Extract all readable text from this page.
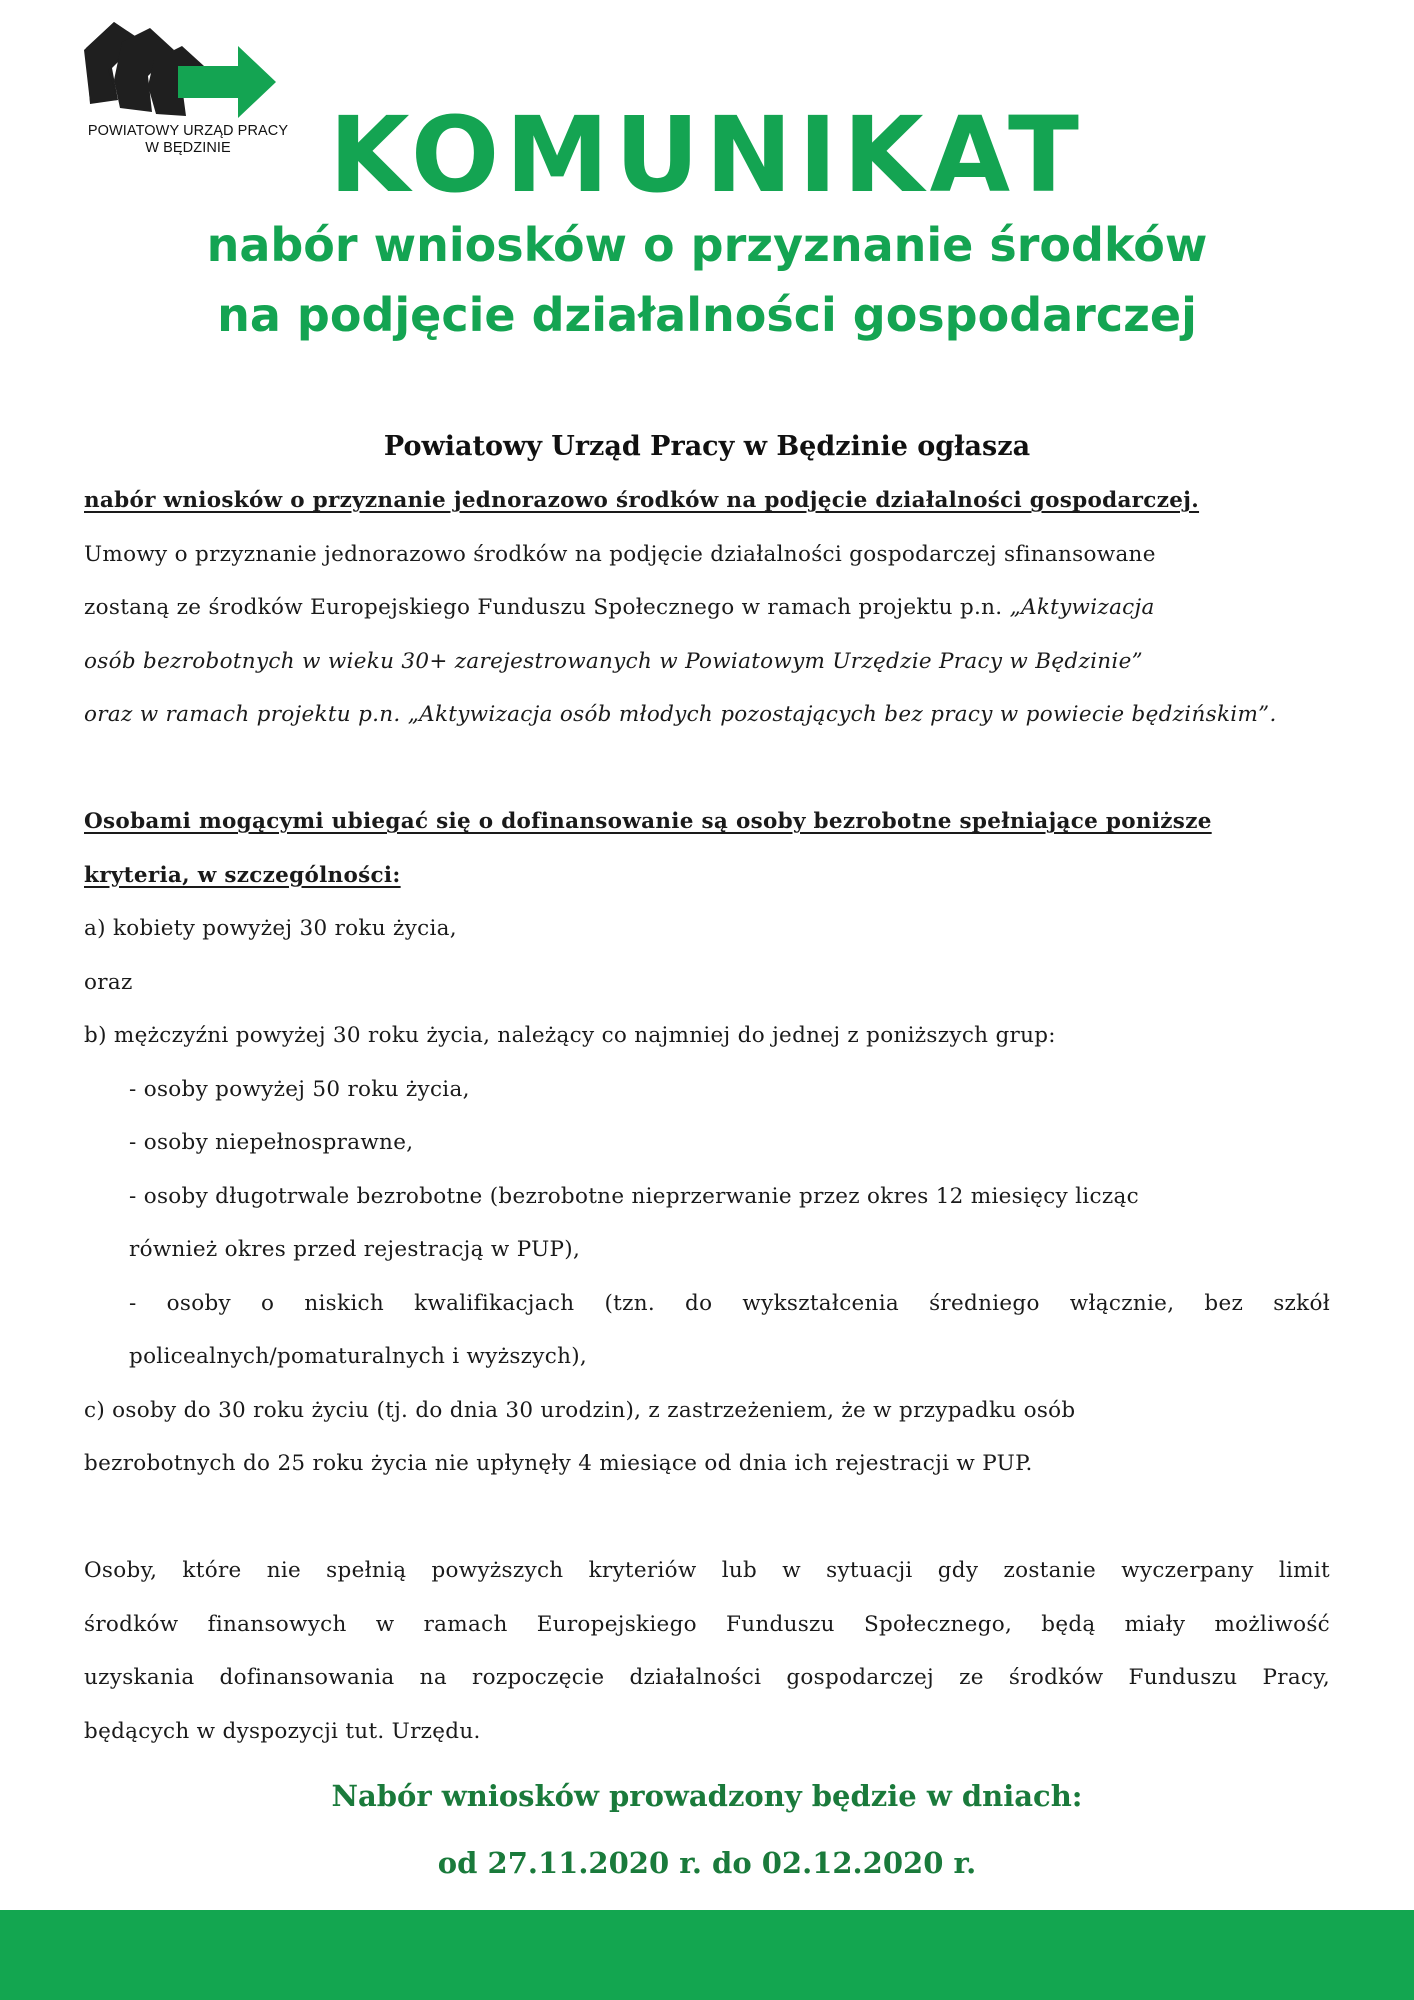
POWIATOWY URZĄD PRACY
W BĘDZINIE KOMUNIKAT
nabór wniosków o przyznanie środków
na podjęcie działalności gospodarczej

Powiatowy Urząd Pracy w Będzinie ogłasza

nabór wniosków o przyznanie jednorazowo środków na podjęcie działalności gospodarczej.

Umowy o przyznanie jednorazowo środków na podjęcie działalności gospodarczej sfinansowane

zostaną ze środków Europejskiego Funduszu Społecznego w ramach projektu p.n. „Aktywizacja

osób bezrobotnych w wieku 30+ zarejestrowanych w Powiatowym Urzędzie Pracy w Będzinie”

oraz w ramach projektu p.n. „Aktywizacja osób młodych pozostających bez pracy w powiecie będzińskim”.

Osobami mogącymi ubiegać się o dofinansowanie są osoby bezrobotne spełniające poniższe

kryteria, w szczególności:

a) kobiety powyżej 30 roku życia,

oraz

b) mężczyźni powyżej 30 roku życia, należący co najmniej do jednej z poniższych grup:

- osoby powyżej 50 roku życia,

- osoby niepełnosprawne,

- osoby długotrwale bezrobotne (bezrobotne nieprzerwanie przez okres 12 miesięcy licząc

również okres przed rejestracją w PUP),

- osoby o niskich kwalifikacjach (tzn. do wykształcenia średniego włącznie, bez szkół

policealnych/pomaturalnych i wyższych),

c) osoby do 30 roku życiu (tj. do dnia 30 urodzin), z zastrzeżeniem, że w przypadku osób

bezrobotnych do 25 roku życia nie upłynęły 4 miesiące od dnia ich rejestracji w PUP.

Osoby, które nie spełnią powyższych kryteriów lub w sytuacji gdy zostanie wyczerpany limit

środków finansowych w ramach Europejskiego Funduszu Społecznego, będą miały możliwość

uzyskania dofinansowania na rozpoczęcie działalności gospodarczej ze środków Funduszu Pracy,

będących w dyspozycji tut. Urzędu.

Nabór wniosków prowadzony będzie w dniach:

od 27.11.2020 r. do 02.12.2020 r.
